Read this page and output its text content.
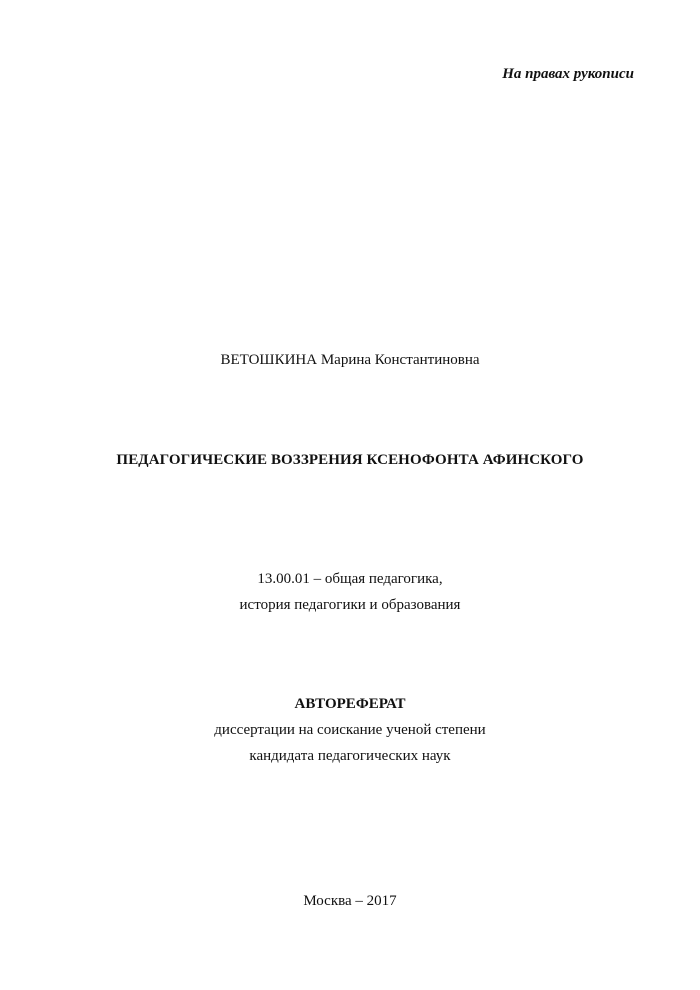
На правах рукописи
ВЕТОШКИНА Марина Константиновна
ПЕДАГОГИЧЕСКИЕ ВОЗЗРЕНИЯ КСЕНОФОНТА АФИНСКОГО
13.00.01 – общая педагогика,
история педагогики и образования
АВТОРЕФЕРАТ
диссертации на соискание ученой степени
кандидата педагогических наук
Москва – 2017
